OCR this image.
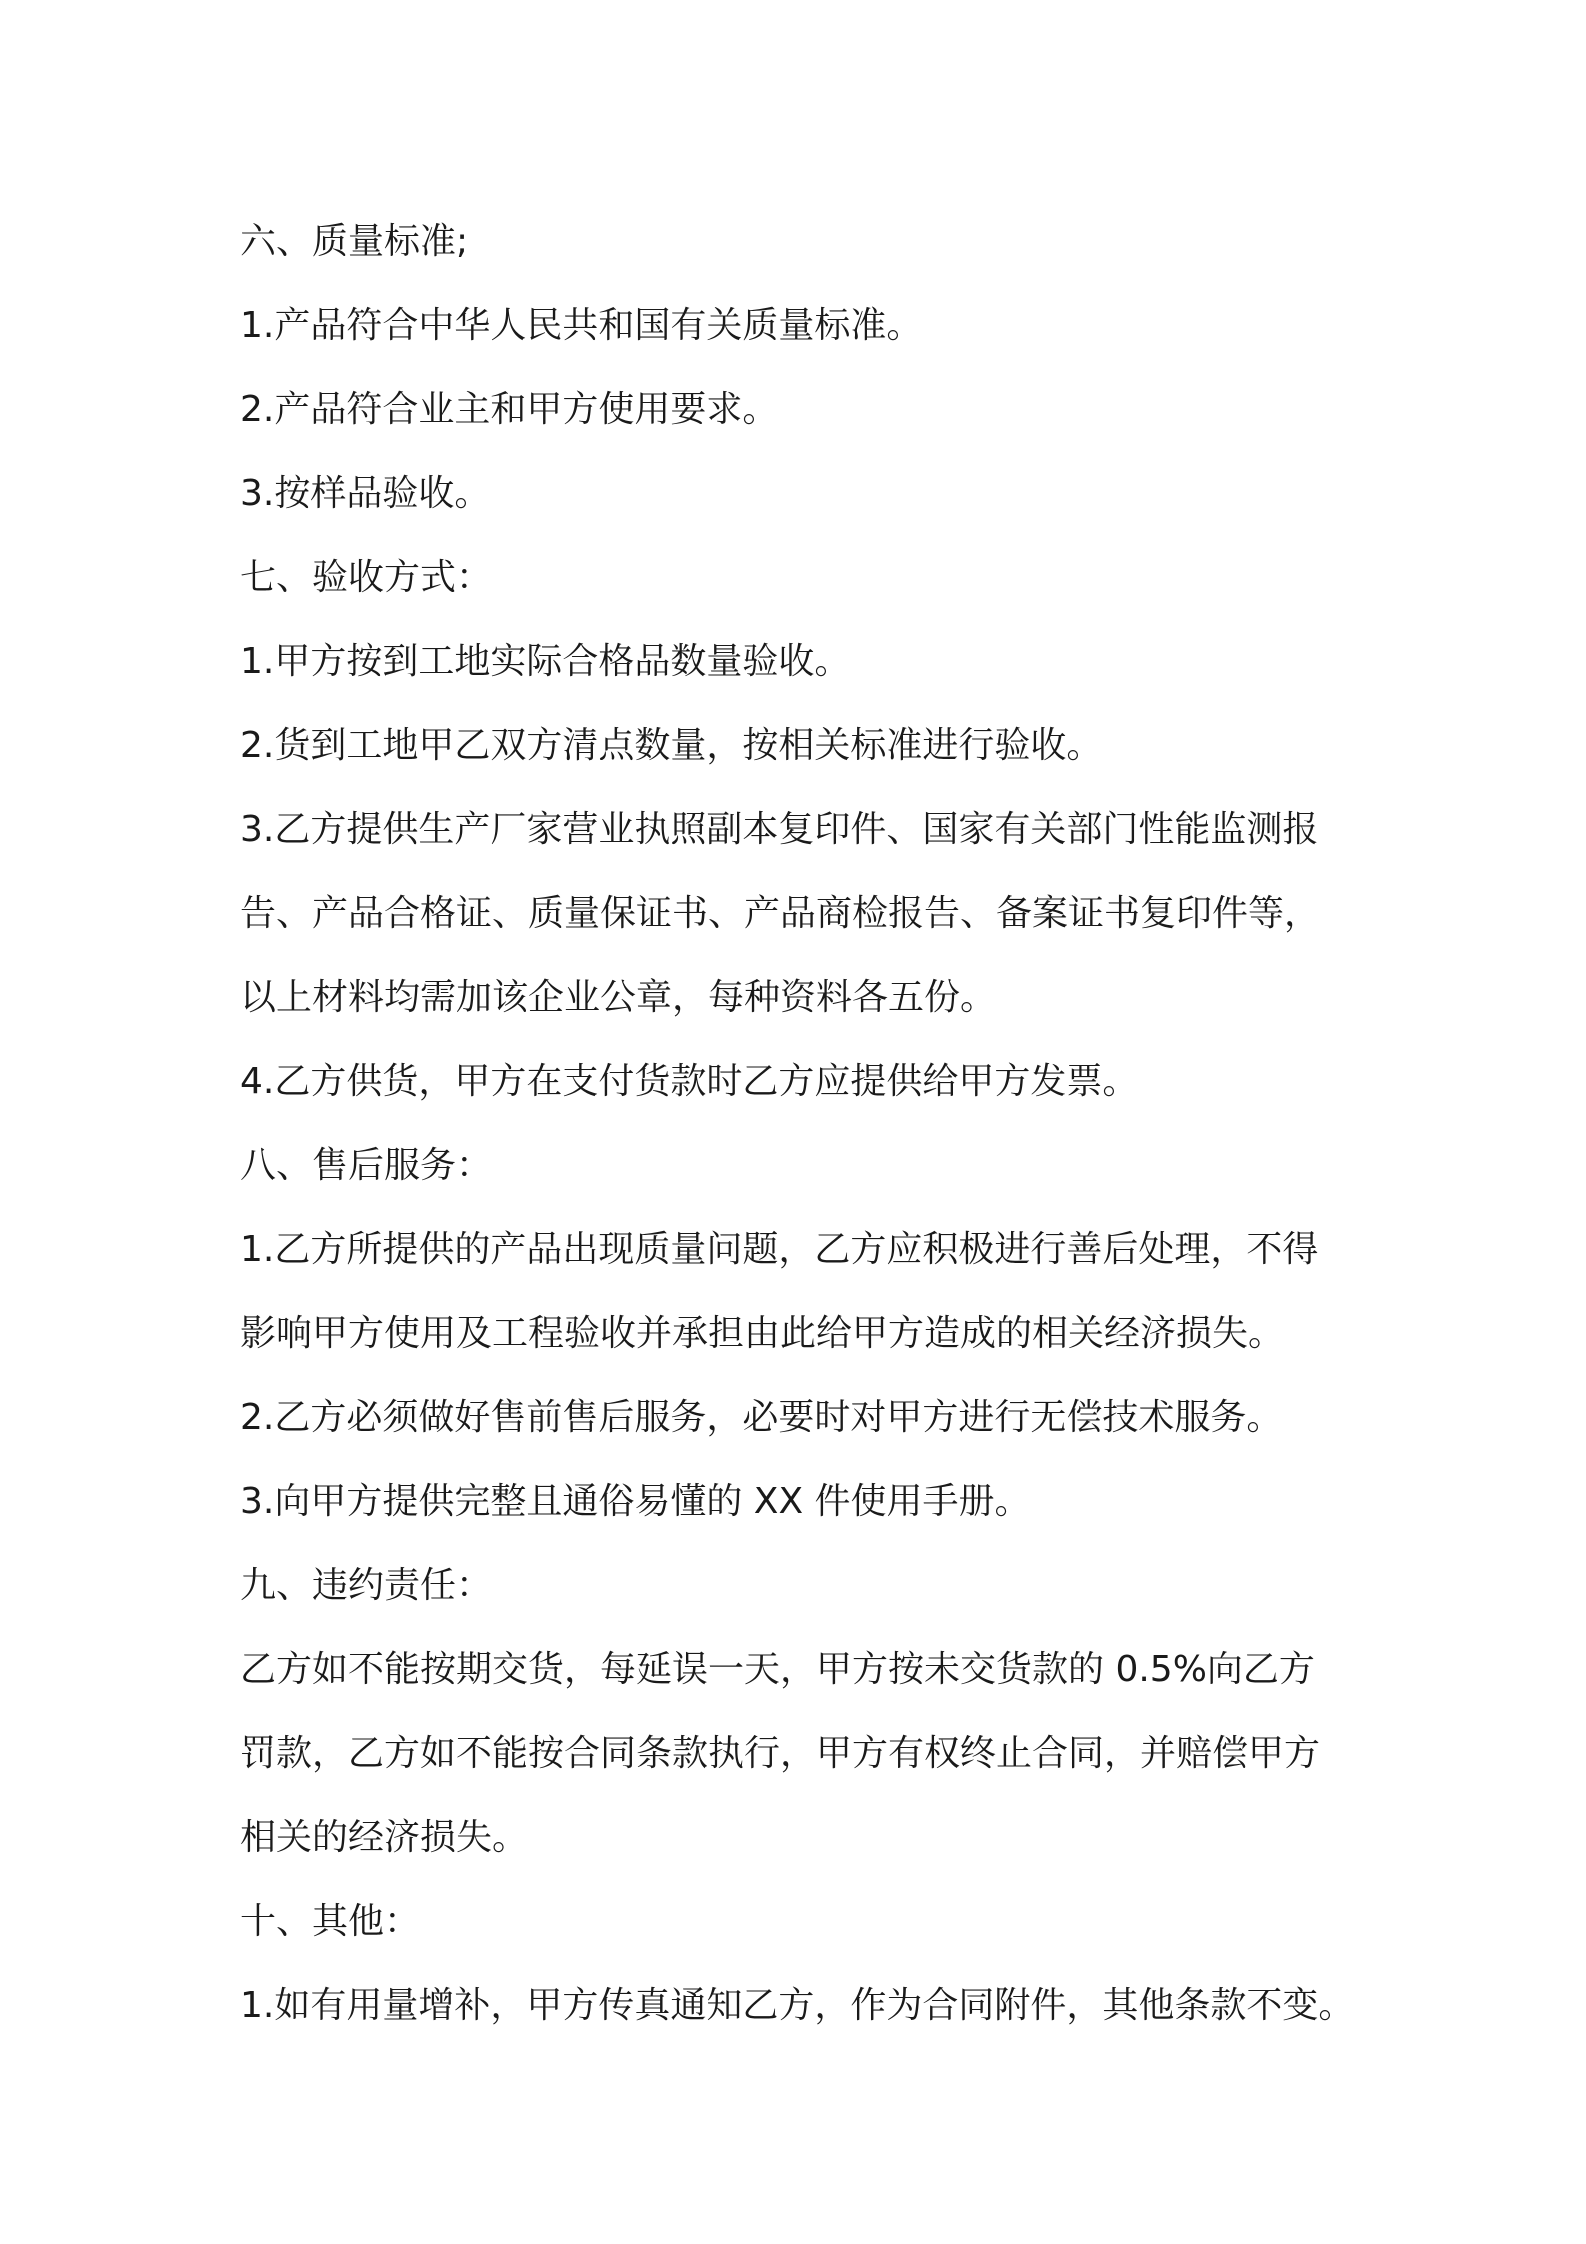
六、质量标准;
1.产品符合中华人民共和国有关质量标准。
2.产品符合业主和甲方使用要求。
3.按样品验收。
七、验收方式：
1.甲方按到工地实际合格品数量验收。
2.货到工地甲乙双方清点数量，按相关标准进行验收。
3.乙方提供生产厂家营业执照副本复印件、国家有关部门性能监测报
告、产品合格证、质量保证书、产品商检报告、备案证书复印件等，
以上材料均需加该企业公章，每种资料各五份。
4.乙方供货，甲方在支付货款时乙方应提供给甲方发票。
八、售后服务：
1.乙方所提供的产品出现质量问题，乙方应积极进行善后处理，不得
影响甲方使用及工程验收并承担由此给甲方造成的相关经济损失。
2.乙方必须做好售前售后服务，必要时对甲方进行无偿技术服务。
3.向甲方提供完整且通俗易懂的 XX 件使用手册。
九、违约责任：
乙方如不能按期交货，每延误一天，甲方按未交货款的 0.5%向乙方
罚款，乙方如不能按合同条款执行，甲方有权终止合同，并赔偿甲方
相关的经济损失。
十、其他：
1.如有用量增补，甲方传真通知乙方，作为合同附件，其他条款不变。
